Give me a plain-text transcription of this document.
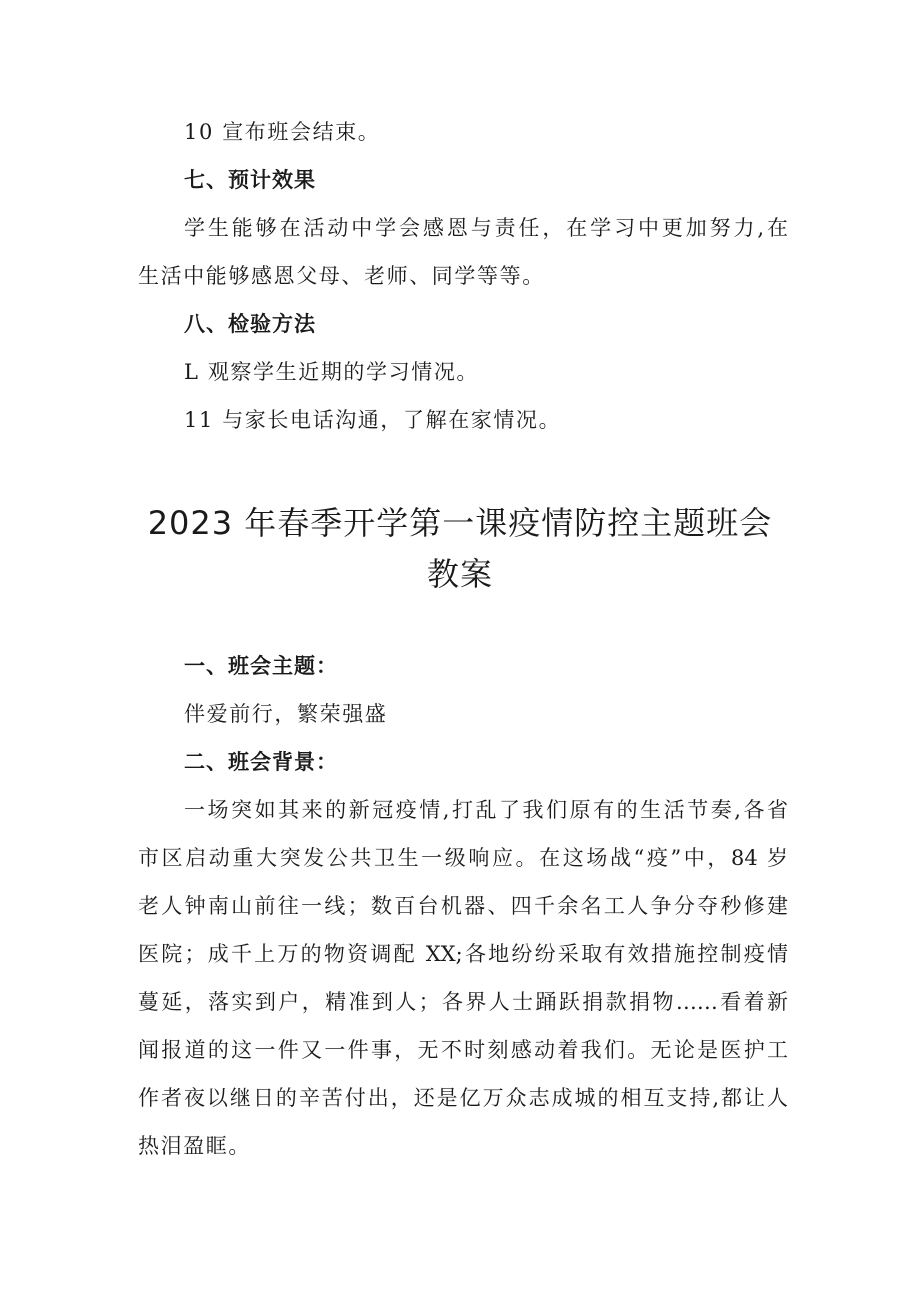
10 宣布班会结束。
七、预计效果
学生能够在活动中学会感恩与责任，在学习中更加努力,在
生活中能够感恩父母、老师、同学等等。
八、检验方法
L 观察学生近期的学习情况。
11 与家长电话沟通，了解在家情况。
2023 年春季开学第一课疫情防控主题班会
教案
一、班会主题：
伴爱前行，繁荣强盛
二、班会背景：
一场突如其来的新冠疫情,打乱了我们原有的生活节奏,各省
市区启动重大突发公共卫生一级响应。在这场战“疫”中，84 岁
老人钟南山前往一线；数百台机器、四千余名工人争分夺秒修建
医院；成千上万的物资调配 XX;各地纷纷采取有效措施控制疫情
蔓延，落实到户，精准到人；各界人士踊跃捐款捐物……看着新
闻报道的这一件又一件事，无不时刻感动着我们。无论是医护工
作者夜以继日的辛苦付出，还是亿万众志成城的相互支持,都让人
热泪盈眶。
